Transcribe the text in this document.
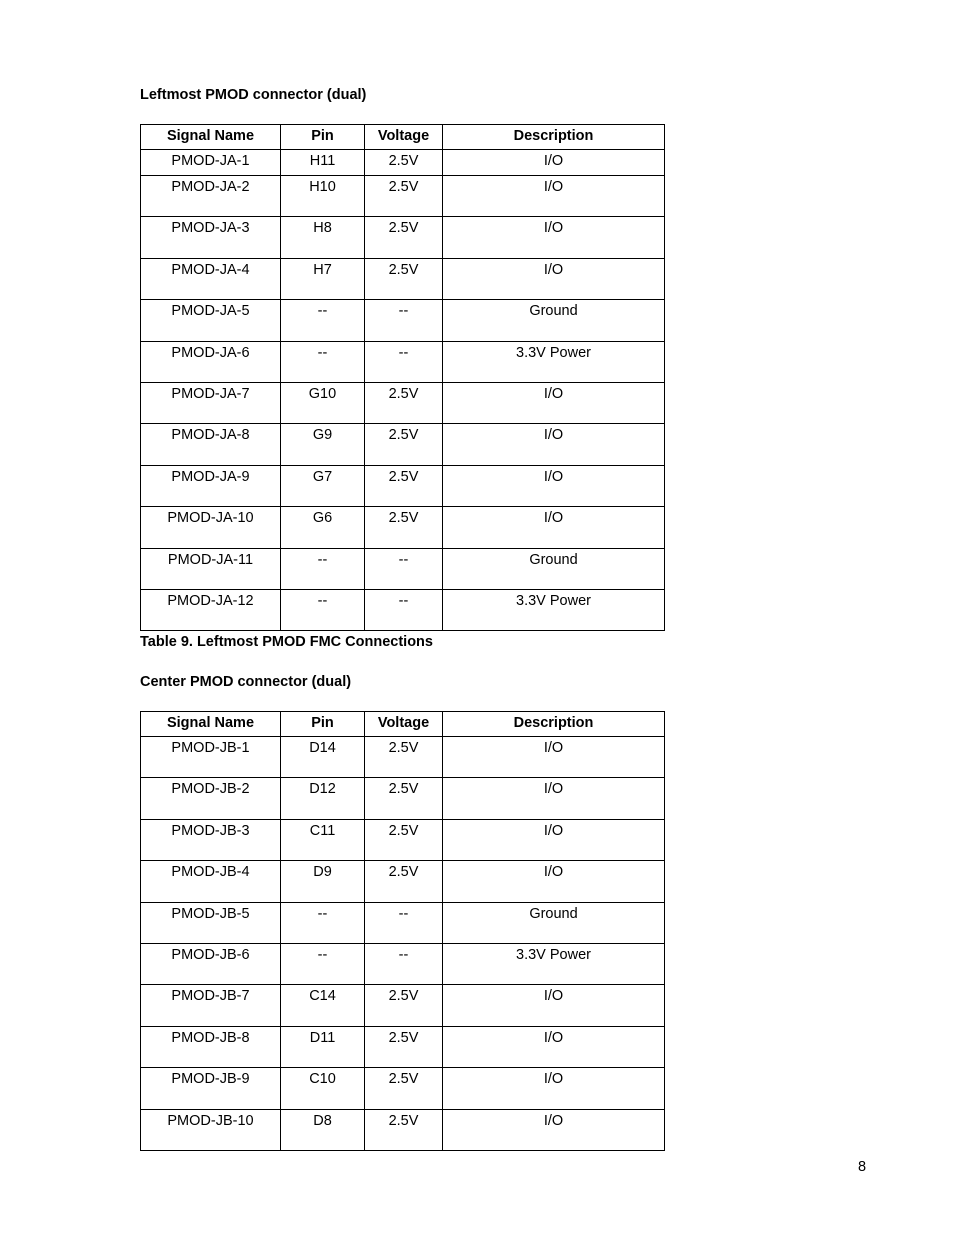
Leftmost PMOD connector (dual)
Signal Name	Pin	Voltage	Description
PMOD-JA-1	H11	2.5V	I/O
PMOD-JA-2	H10	2.5V	I/O
PMOD-JA-3	H8	2.5V	I/O
PMOD-JA-4	H7	2.5V	I/O
PMOD-JA-5	--	--	Ground
PMOD-JA-6	--	--	3.3V Power
PMOD-JA-7	G10	2.5V	I/O
PMOD-JA-8	G9	2.5V	I/O
PMOD-JA-9	G7	2.5V	I/O
PMOD-JA-10	G6	2.5V	I/O
PMOD-JA-11	--	--	Ground
PMOD-JA-12	--	--	3.3V Power
Table 9. Leftmost PMOD FMC Connections
Center PMOD connector (dual)
Signal Name	Pin	Voltage	Description
PMOD-JB-1	D14	2.5V	I/O
PMOD-JB-2	D12	2.5V	I/O
PMOD-JB-3	C11	2.5V	I/O
PMOD-JB-4	D9	2.5V	I/O
PMOD-JB-5	--	--	Ground
PMOD-JB-6	--	--	3.3V Power
PMOD-JB-7	C14	2.5V	I/O
PMOD-JB-8	D11	2.5V	I/O
PMOD-JB-9	C10	2.5V	I/O
PMOD-JB-10	D8	2.5V	I/O
8
